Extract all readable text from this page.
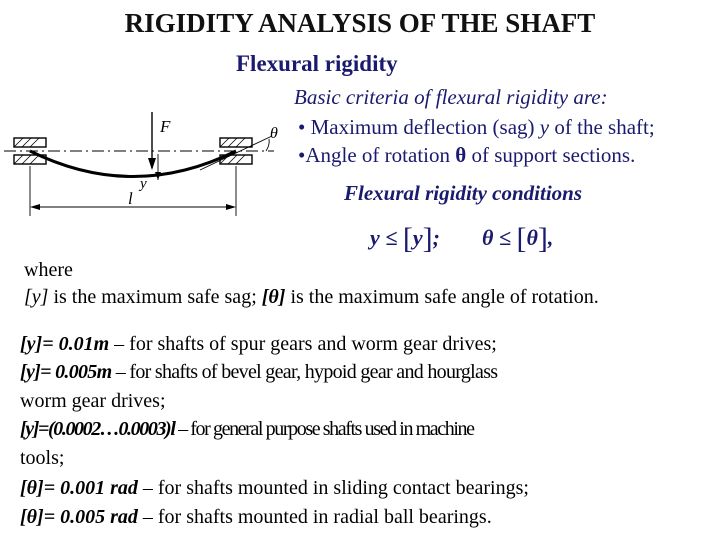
RIGIDITY ANALYSIS OF THE SHAFT
Flexural rigidity
Basic criteria of flexural rigidity are:
• Maximum deflection (sag) y of the shaft;
•Angle of rotation θ of support sections.
F	θ
y
l	Flexural rigidity conditions
y ≤ [y]; θ ≤ [θ],
where
[y] is the maximum safe sag; [θ] is the maximum safe angle of rotation.
[y]= 0.01m – for shafts of spur gears and worm gear drives;
[y]= 0.005m – for shafts of bevel gear, hypoid gear and hourglass
worm gear drives;
[y]=(0.0002…0.0003)l – for general purpose shafts used in machine
tools;
[θ]= 0.001 rad – for shafts mounted in sliding contact bearings;
[θ]= 0.005 rad – for shafts mounted in radial ball bearings.
